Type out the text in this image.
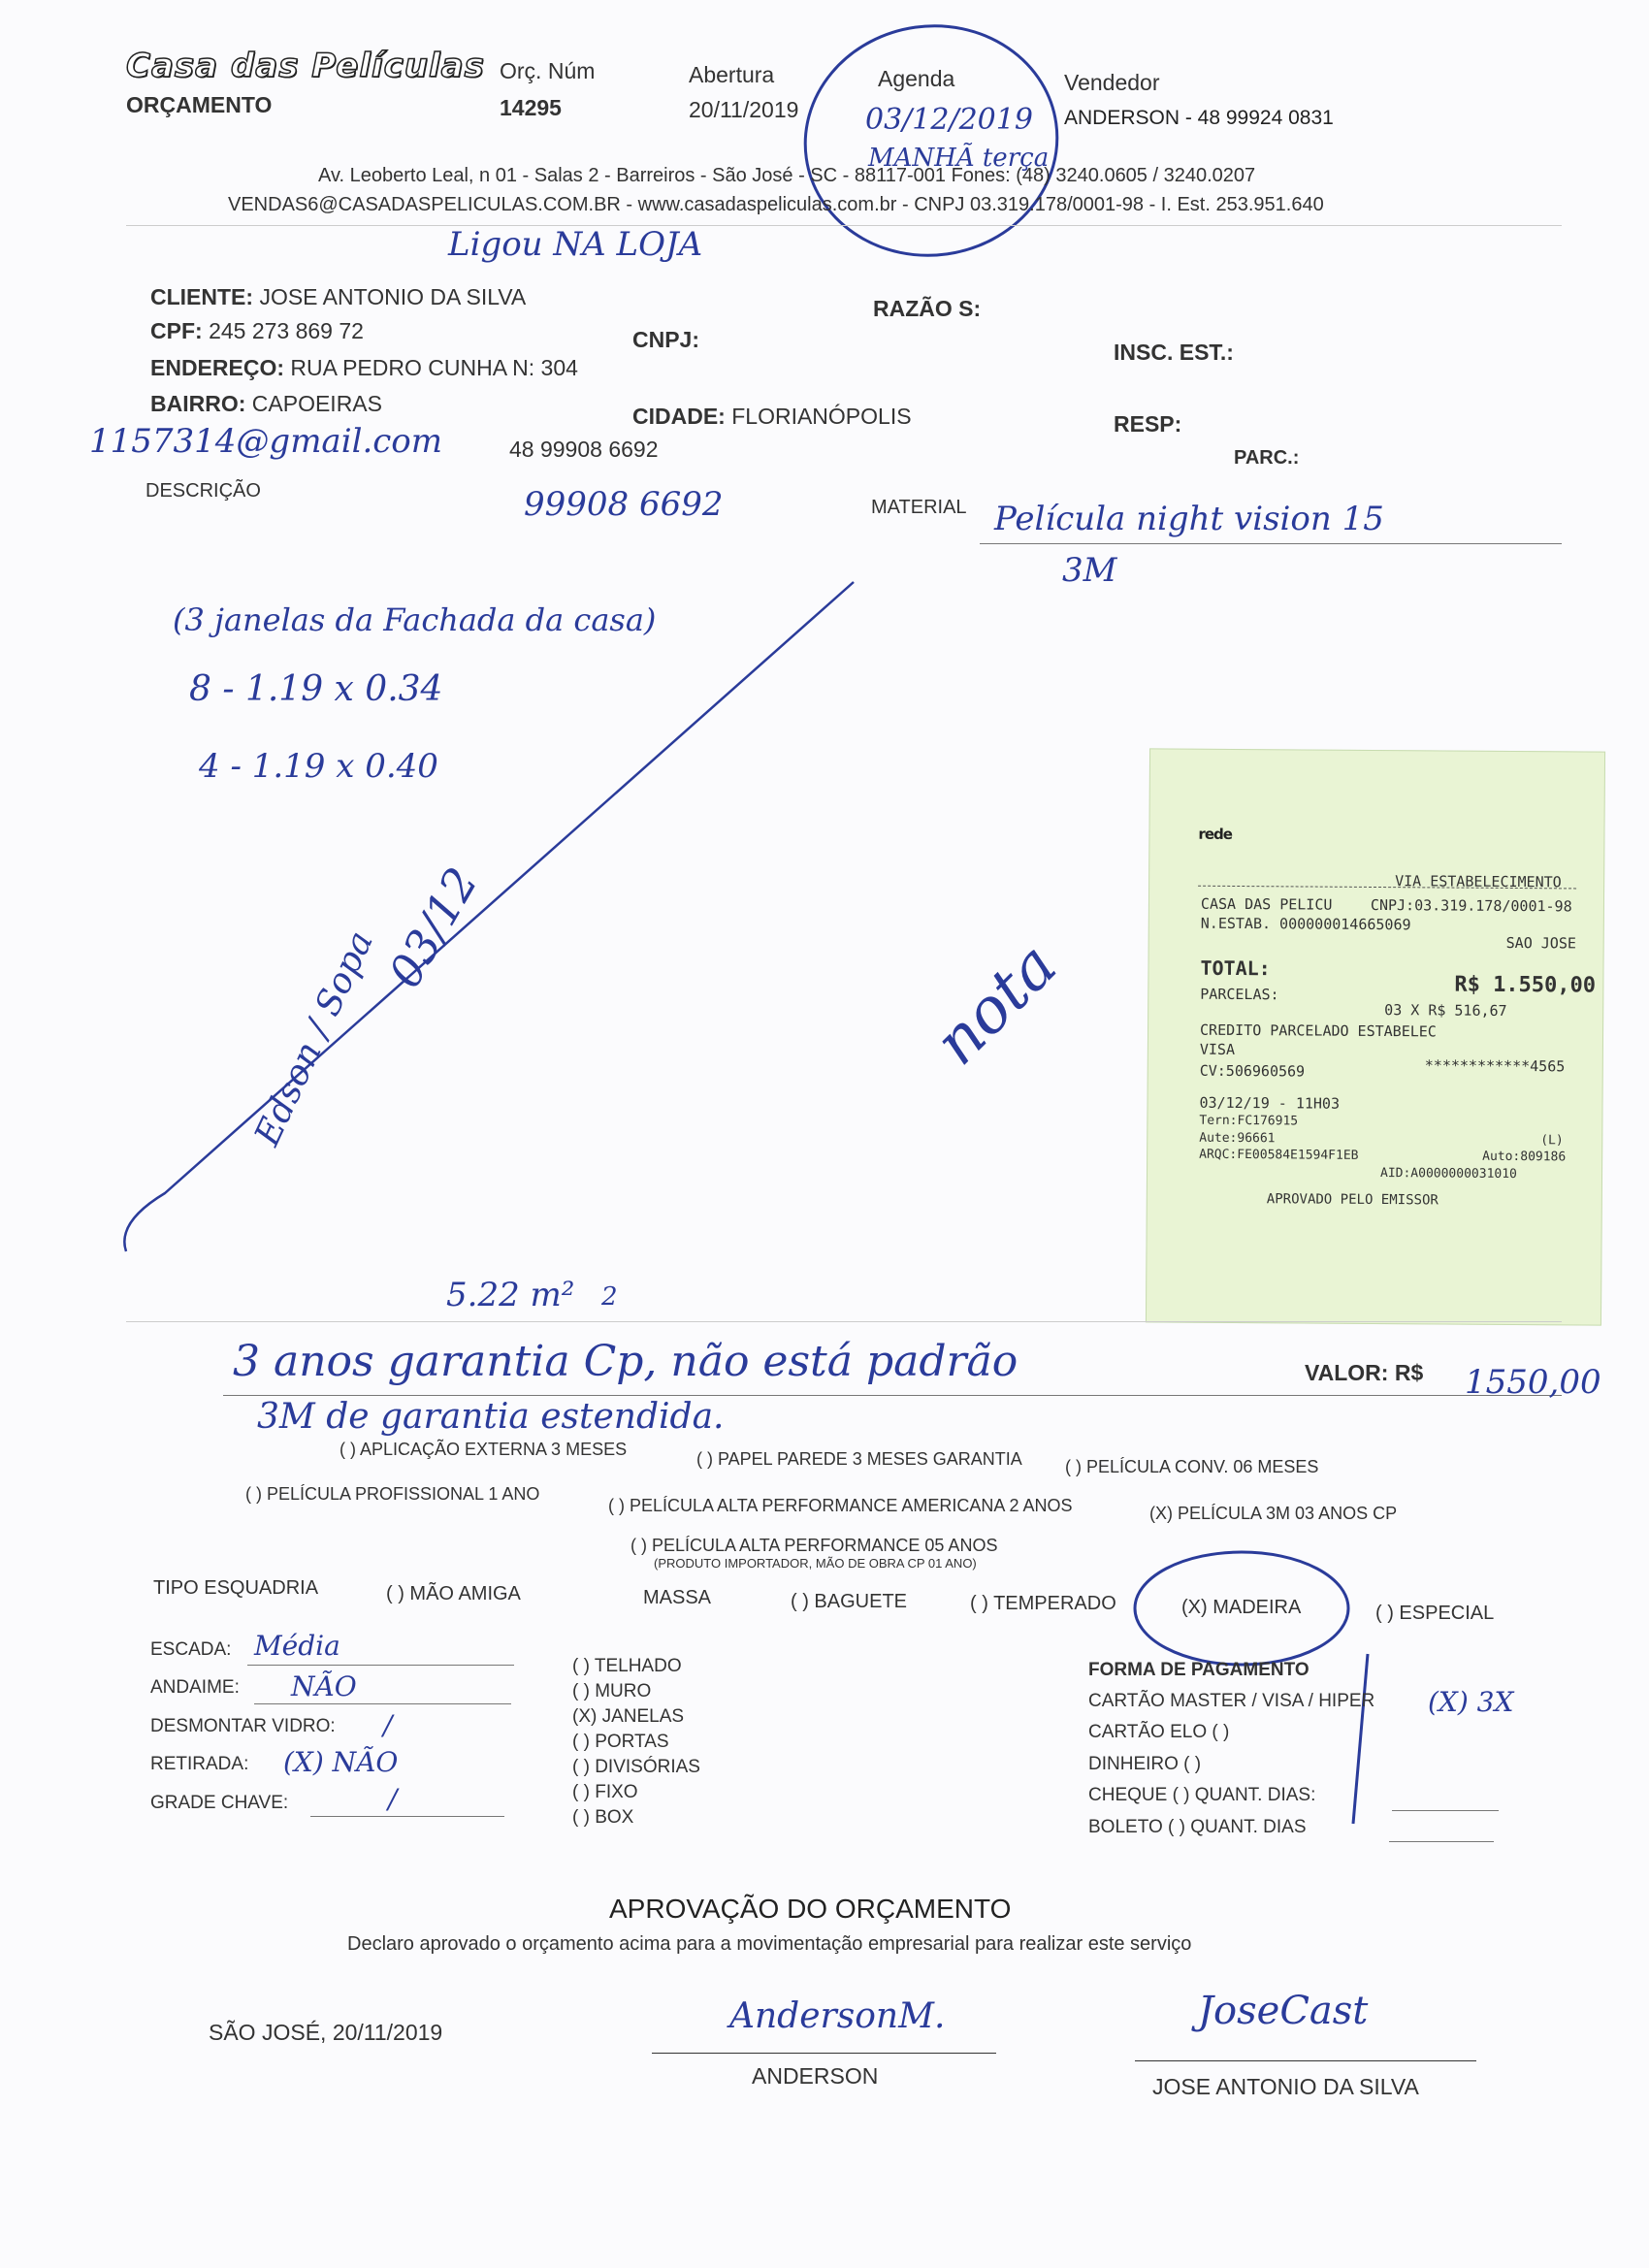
2
Casa das Películas
ORÇAMENTO
Orç. Núm
14295
Abertura
20/11/2019
Agenda
03/12/2019
MANHÃ terça
Vendedor
ANDERSON - 48 99924 0831
Av. Leoberto Leal, n 01 - Salas 2 - Barreiros - São José - SC - 88117-001 Fones: (48) 3240.0605 / 3240.0207
VENDAS6@CASADASPELICULAS.COM.BR - www.casadaspeliculas.com.br - CNPJ 03.319.178/0001-98 - I. Est. 253.951.640
Ligou NA LOJA
CLIENTE: JOSE ANTONIO DA SILVA
CPF: 245 273 869 72
ENDEREÇO: RUA PEDRO CUNHA N: 304
BAIRRO: CAPOEIRAS
RAZÃO S:
CNPJ:	INSC. EST.:
CIDADE: FLORIANÓPOLIS	RESP:
PARC.:
1157314@gmail.com	48 99908 6692
DESCRIÇÃO	99908 6692	MATERIAL Película night vision 15
3M
(3 janelas da Fachada da casa)
8 - 1.19 x 0.34
4 - 1.19 x 0.40
03/12
Edson / Sopa	nota
5.22 m²
rede
VIA ESTABELECIMENTO
CASA DAS PELICU	CNPJ:03.319.178/0001-98
N.ESTAB. 000000014665069
SAO JOSE
TOTAL:
R$ 1.550,00
PARCELAS:
03 X R$ 516,67
CREDITO PARCELADO ESTABELEC
VISA
************4565
CV:506960569
03/12/19 - 11H03
Tern:FC176915
Aute:96661	(L)
Auto:809186
ARQC:FE00584E1594F1EB
AID:A0000000031010
APROVADO PELO EMISSOR
3 anos garantia Cp, não está padrão
3M de garantia estendida.
VALOR: R$ 1550,00
( ) APLICAÇÃO EXTERNA 3 MESES	( ) PAPEL PAREDE 3 MESES GARANTIA ( ) PELÍCULA CONV. 06 MESES
( ) PELÍCULA PROFISSIONAL 1 ANO
( ) PELÍCULA ALTA PERFORMANCE AMERICANA 2 ANOS	(X) PELÍCULA 3M 03 ANOS CP
( ) PELÍCULA ALTA PERFORMANCE 05 ANOS
(PRODUTO IMPORTADOR, MÃO DE OBRA CP 01 ANO)
TIPO ESQUADRIA	( ) MÃO AMIGA	MASSA	( ) BAGUETE	( ) TEMPERADO	(X) MADEIRA	( ) ESPECIAL
ESCADA: Média
ANDAIME: NÃO
DESMONTAR VIDRO: /
RETIRADA: (X) NÃO
GRADE CHAVE:	/
( ) TELHADO
( ) MURO
(X) JANELAS
( ) PORTAS
( ) DIVISÓRIAS
( ) FIXO
( ) BOX
FORMA DE PAGAMENTO
CARTÃO MASTER / VISA / HIPER (X) 3X
CARTÃO ELO ( )
DINHEIRO ( )
CHEQUE ( ) QUANT. DIAS:
BOLETO ( ) QUANT. DIAS
APROVAÇÃO DO ORÇAMENTO
Declaro aprovado o orçamento acima para a movimentação empresarial para realizar este serviço
SÃO JOSÉ, 20/11/2019	AndersonM.
ANDERSON
JoseCast
JOSE ANTONIO DA SILVA
